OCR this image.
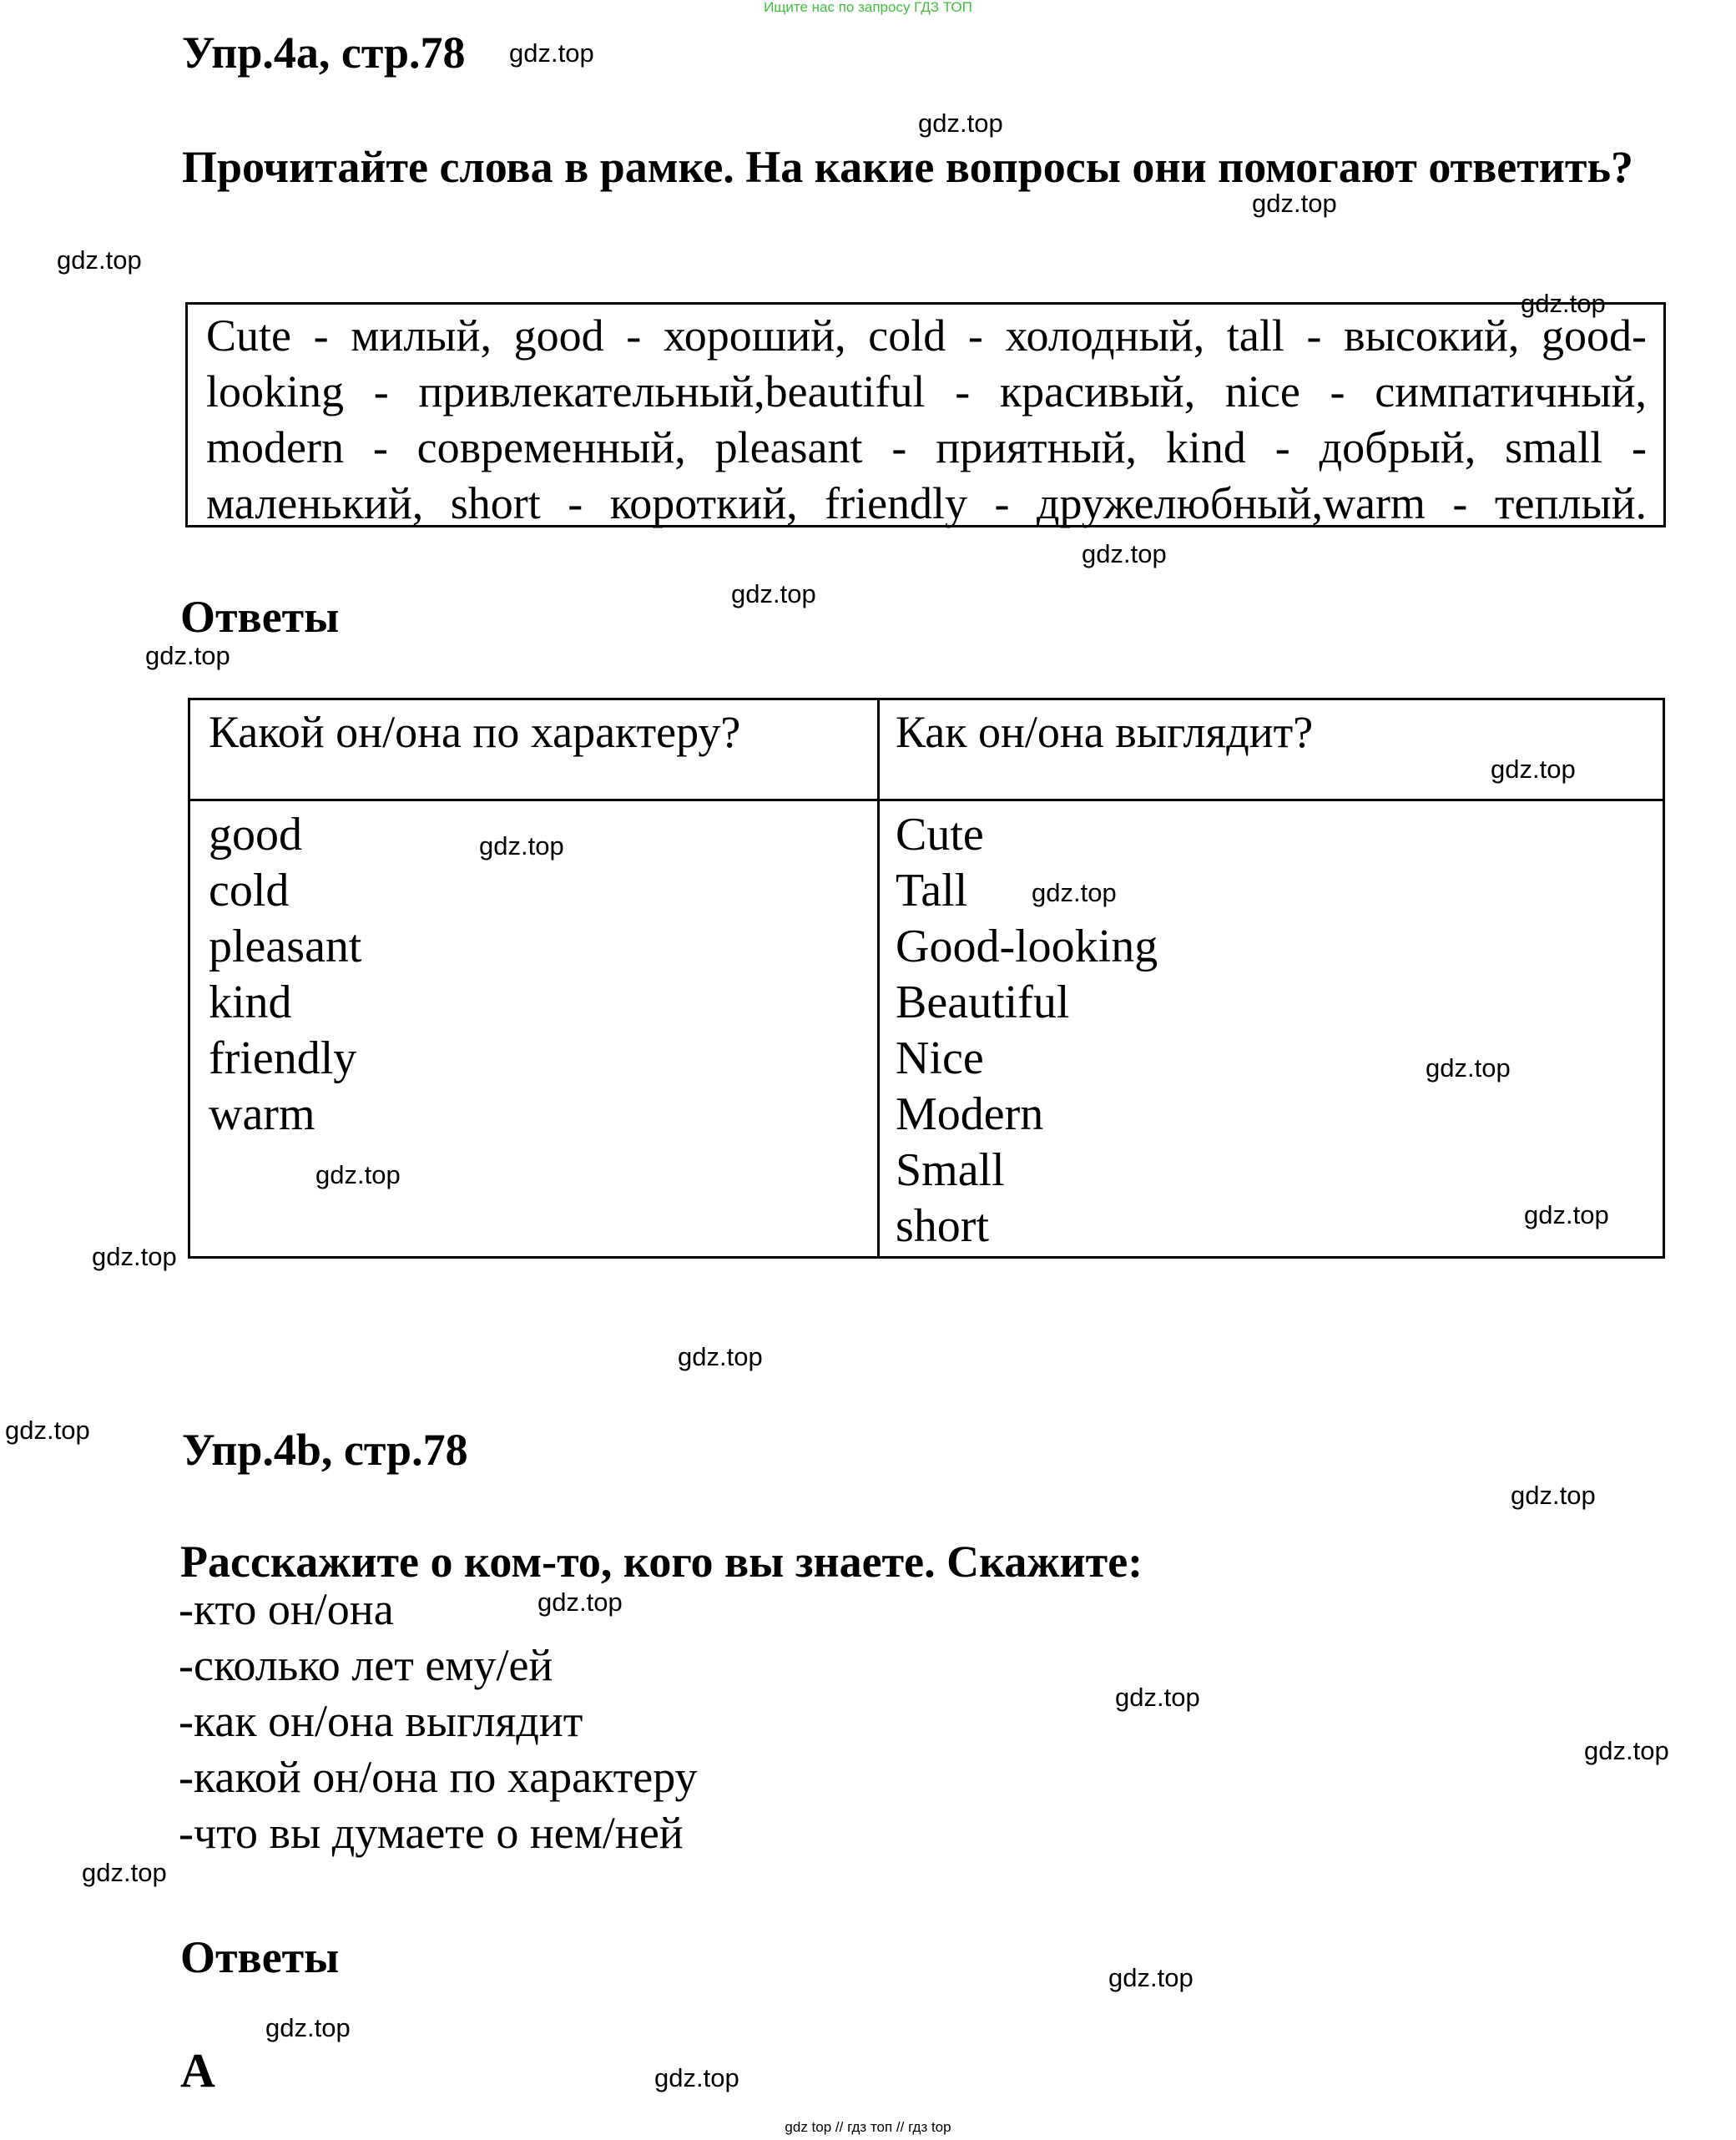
Ищите нас по запросу ГДЗ ТОП
Упр.4а, стр.78
Прочитайте слова в рамке. На какие вопросы они помогают ответить?
Cute - милый, good - хороший, cold - холодный, tall - высокий, good-looking - привлекательный,beautiful - красивый, nice - симпатичный, modern - современный, pleasant - приятный, kind - добрый, small - маленький, short - короткий, friendly - дружелюбный,warm - теплый.
Ответы
Какой он/она по характеру?	Как он/она выглядит?
good
cold
pleasant
kind
friendly
warm
Cute
Tall
Good-looking
Beautiful
Nice
Modern
Small
short
Упр.4b, стр.78
Расскажите о ком-то, кого вы знаете. Скажите:
-кто он/она
-сколько лет ему/ей
-как он/она выглядит
-какой он/она по характеру
-что вы думаете о нем/ней
Ответы
А
gdz.top
gdz.top
gdz.top
gdz.top
gdz.top
gdz.top
gdz.top
gdz.top
gdz.top
gdz.top
gdz.top
gdz.top
gdz.top
gdz.top
gdz.top
gdz.top
gdz.top
gdz.top
gdz.top
gdz.top
gdz.top
gdz.top
gdz.top
gdz.top
gdz.top
gdz top // гдз топ // гдз top
